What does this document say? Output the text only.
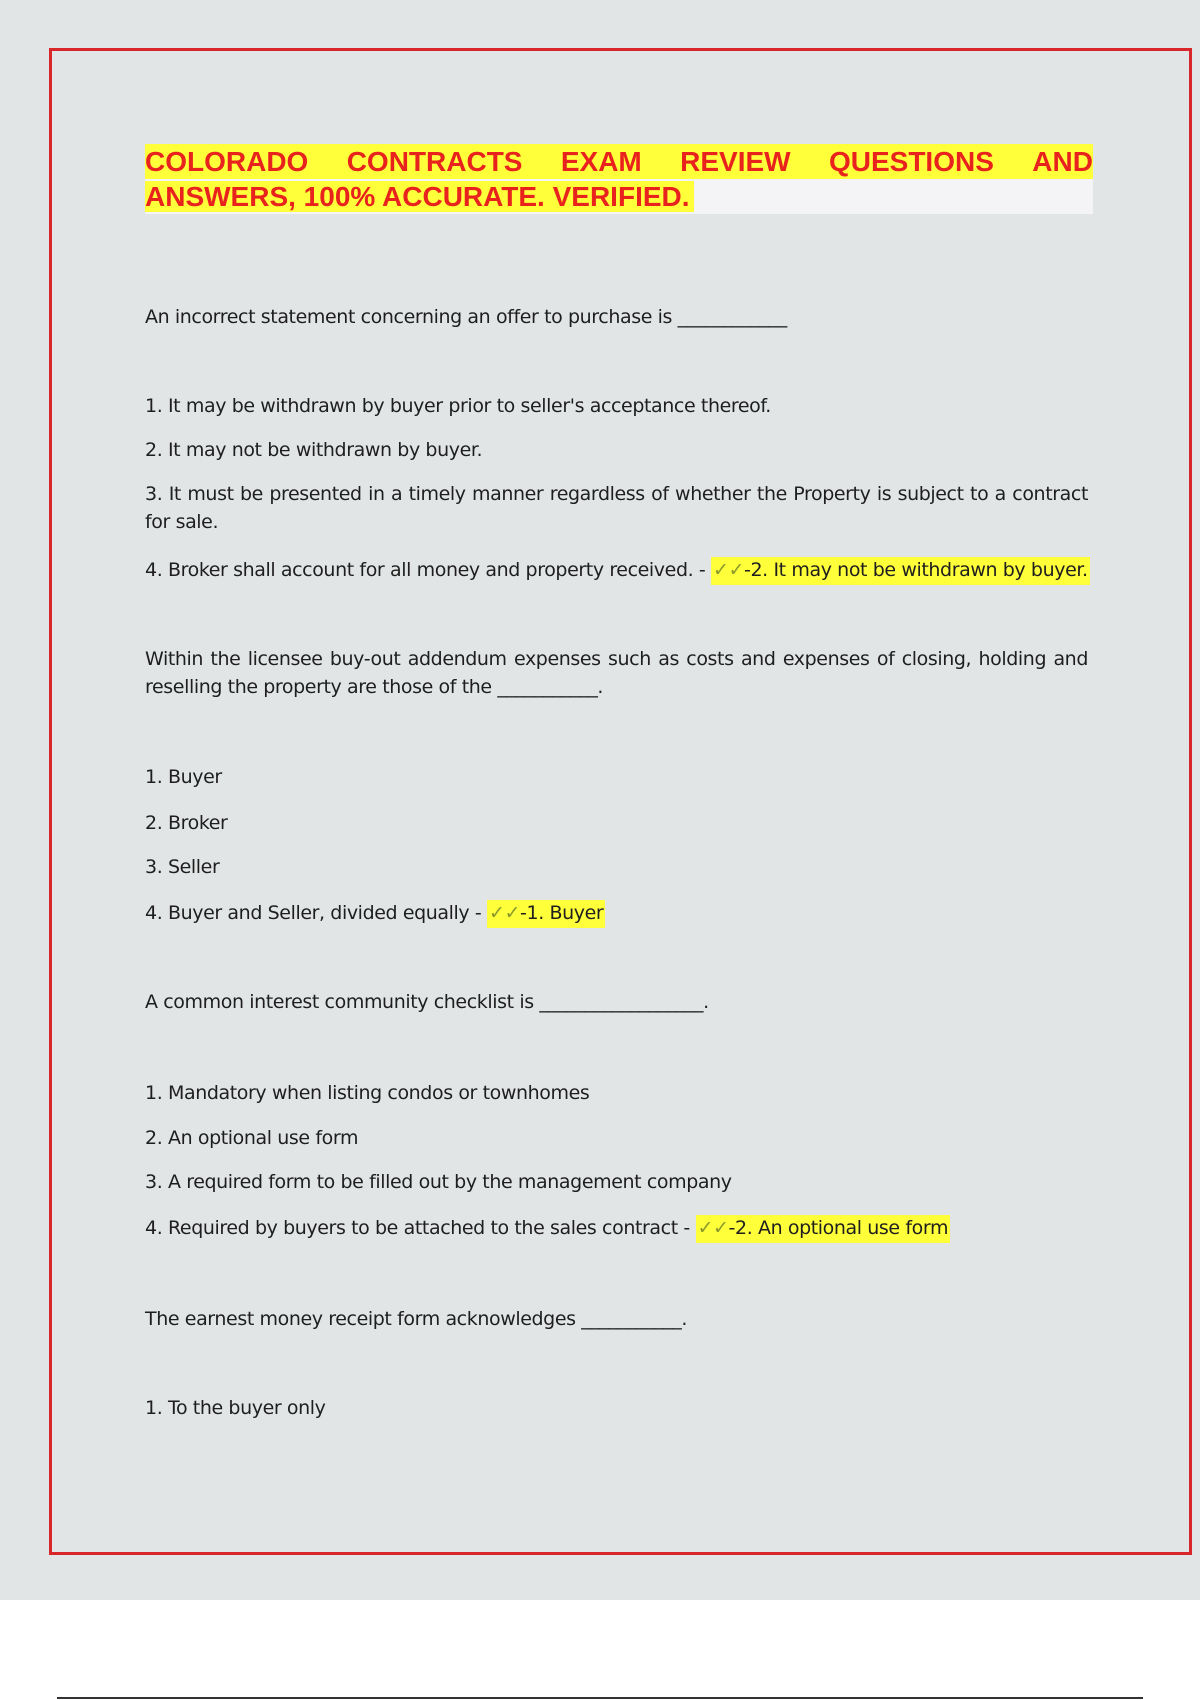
COLORADO CONTRACTS EXAM REVIEW QUESTIONS AND
ANSWERS, 100% ACCURATE. VERIFIED.
An incorrect statement concerning an offer to purchase is ____________
1. It may be withdrawn by buyer prior to seller's acceptance thereof.
2. It may not be withdrawn by buyer.
3. It must be presented in a timely manner regardless of whether the Property is subject to a contract for sale.
4. Broker shall account for all money and property received. - ✓✓-2. It may not be withdrawn by buyer.
Within the licensee buy-out addendum expenses such as costs and expenses of closing, holding and reselling the property are those of the ___________.
1. Buyer
2. Broker
3. Seller
4. Buyer and Seller, divided equally - ✓✓-1. Buyer
A common interest community checklist is __________________.
1. Mandatory when listing condos or townhomes
2. An optional use form
3. A required form to be filled out by the management company
4. Required by buyers to be attached to the sales contract - ✓✓-2. An optional use form
The earnest money receipt form acknowledges ___________.
1. To the buyer only
